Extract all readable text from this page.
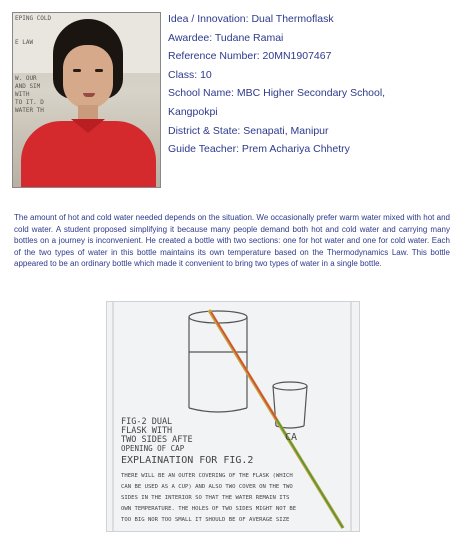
EPING COLD
E LAW
W. OUR
AND SIM
WITH
TO IT. D
WATER TH
Idea / Innovation: Dual Thermoflask
Awardee: Tudane Ramai
Reference Number: 20MN1907467
Class: 10
School Name: MBC Higher Secondary School,
Kangpokpi
District & State: Senapati, Manipur
Guide Teacher: Prem Achariya Chhetry
The amount of hot and cold water needed depends on the situation. We occasionally prefer warm water mixed with hot and cold water. A student proposed simplifying it because many people demand both hot and cold water and carrying many bottles on a journey is inconvenient. He created a bottle with two sections: one for hot water and one for cold water. Each of the two types of water in this bottle maintains its own temperature based on the Thermodynamics Law. This bottle appeared to be an ordinary bottle which made it convenient to bring two types of water in a single bottle.
FIG-2 DUAL
FLASK WITH
TWO SIDES AFTE
OPENING OF CAP
CA
EXPLAINATION FOR FIG.2
THERE WILL BE AN OUTER COVERING OF THE FLASK (WHICH
CAN BE USED AS A CUP) AND ALSO TWO COVER ON THE TWO
SIDES IN THE INTERIOR SO THAT THE WATER REMAIN ITS
OWN TEMPERATURE. THE HOLES OF TWO SIDES MIGHT NOT BE
TOO BIG NOR TOO SMALL IT SHOULD BE OF AVERAGE SIZE
